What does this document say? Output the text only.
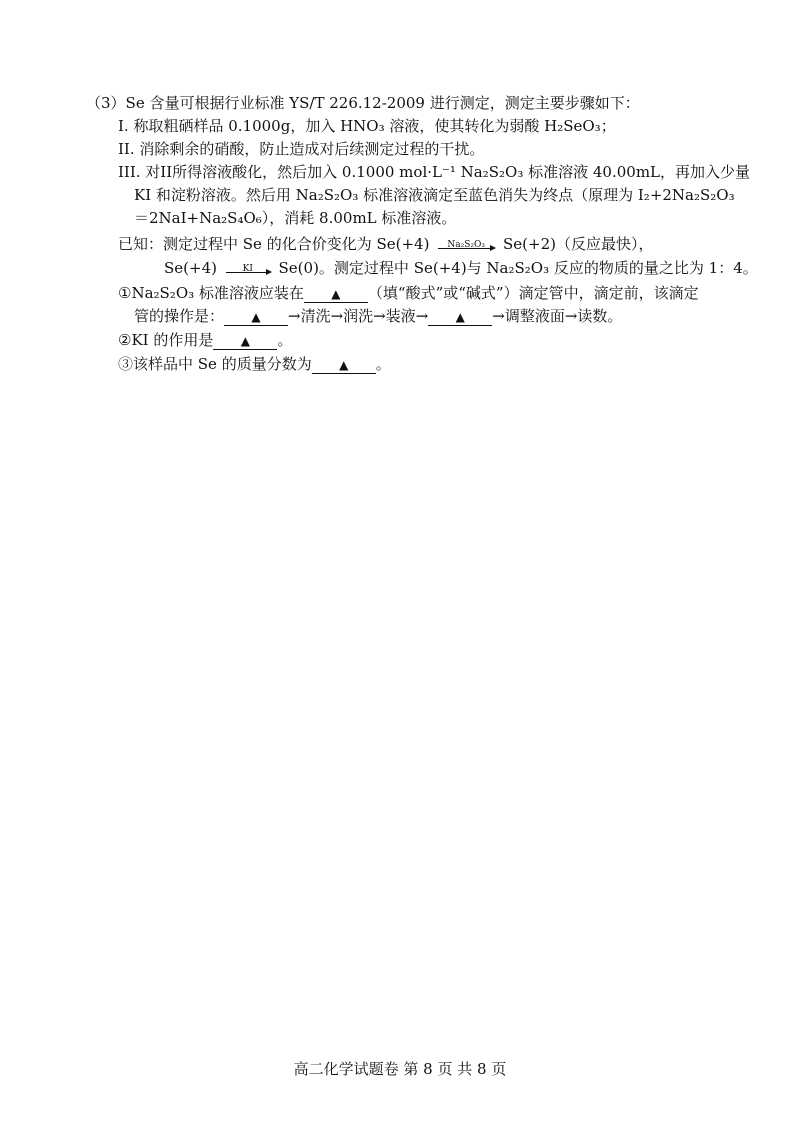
（3）Se 含量可根据行业标准 YS/T 226.12-2009 进行测定，测定主要步骤如下：
I. 称取粗硒样品 0.1000g，加入 HNO₃ 溶液，使其转化为弱酸 H₂SeO₃；
II. 消除剩余的硝酸，防止造成对后续测定过程的干扰。
III. 对II所得溶液酸化，然后加入 0.1000 mol·L⁻¹ Na₂S₂O₃ 标准溶液 40.00mL，再加入少量
KI 和淀粉溶液。然后用 Na₂S₂O₃ 标准溶液滴定至蓝色消失为终点（原理为 I₂+2Na₂S₂O₃
＝2NaI+Na₂S₄O₆），消耗 8.00mL 标准溶液。
已知：测定过程中 Se 的化合价变化为 Se(+4)	Na₂S₂O₃	Se(+2)（反应最快），
Se(+4)	KI	Se(0)。测定过程中 Se(+4)与 Na₂S₂O₃ 反应的物质的量之比为 1：4。
①Na₂S₂O₃ 标准溶液应装在 ▲ （填“酸式”或“碱式”）滴定管中，滴定前，该滴定
管的操作是： ▲ →清洗→润洗→装液→ ▲ →调整液面→读数。
②KI 的作用是 ▲ 。
③该样品中 Se 的质量分数为 ▲ 。
高二化学试题卷 第 8 页 共 8 页
